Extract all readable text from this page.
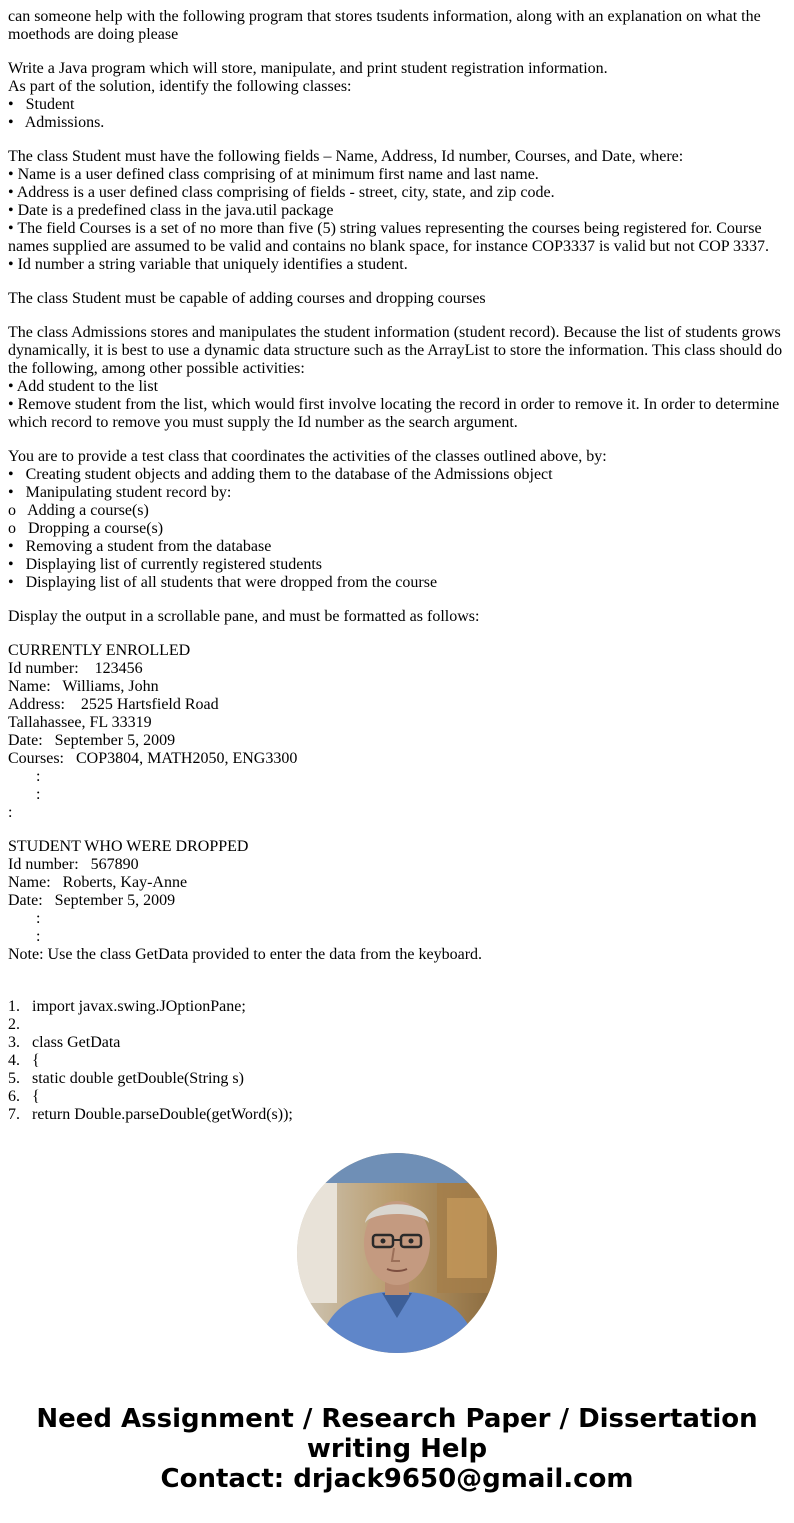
can someone help with the following program that stores tsudents information, along with an explanation on what the moethods are doing please
Write a Java program which will store, manipulate, and print student registration information.
As part of the solution, identify the following classes:
•   Student
•   Admissions.
The class Student must have the following fields – Name, Address, Id number, Courses, and Date, where:
• Name is a user defined class comprising of at minimum first name and last name.
• Address is a user defined class comprising of fields - street, city, state, and zip code.
• Date is a predefined class in the java.util package
• The field Courses is a set of no more than five (5) string values representing the courses being registered for. Course names supplied are assumed to be valid and contains no blank space, for instance COP3337 is valid but not COP 3337.
• Id number a string variable that uniquely identifies a student.
The class Student must be capable of adding courses and dropping courses
The class Admissions stores and manipulates the student information (student record). Because the list of students grows dynamically, it is best to use a dynamic data structure such as the ArrayList to store the information. This class should do the following, among other possible activities:
• Add student to the list
• Remove student from the list, which would first involve locating the record in order to remove it. In order to determine which record to remove you must supply the Id number as the search argument.
You are to provide a test class that coordinates the activities of the classes outlined above, by:
•   Creating student objects and adding them to the database of the Admissions object
•   Manipulating student record by:
o   Adding a course(s)
o   Dropping a course(s)
•   Removing a student from the database
•   Displaying list of currently registered students
•   Displaying list of all students that were dropped from the course
Display the output in a scrollable pane, and must be formatted as follows:
CURRENTLY ENROLLED
Id number:    123456
Name:   Williams, John
Address:    2525 Hartsfield Road
Tallahassee, FL 33319
Date:   September 5, 2009
Courses:   COP3804, MATH2050, ENG3300
:
:
:
STUDENT WHO WERE DROPPED
Id number:   567890
Name:   Roberts, Kay-Anne
Date:   September 5, 2009
:
:
Note: Use the class GetData provided to enter the data from the keyboard.
1.   import javax.swing.JOptionPane;
2.
3.   class GetData
4.   {
5.   static double getDouble(String s)
6.   {
7.   return Double.parseDouble(getWord(s));
Need Assignment / Research Paper / Dissertation
writing Help
Contact: drjack9650@gmail.com
